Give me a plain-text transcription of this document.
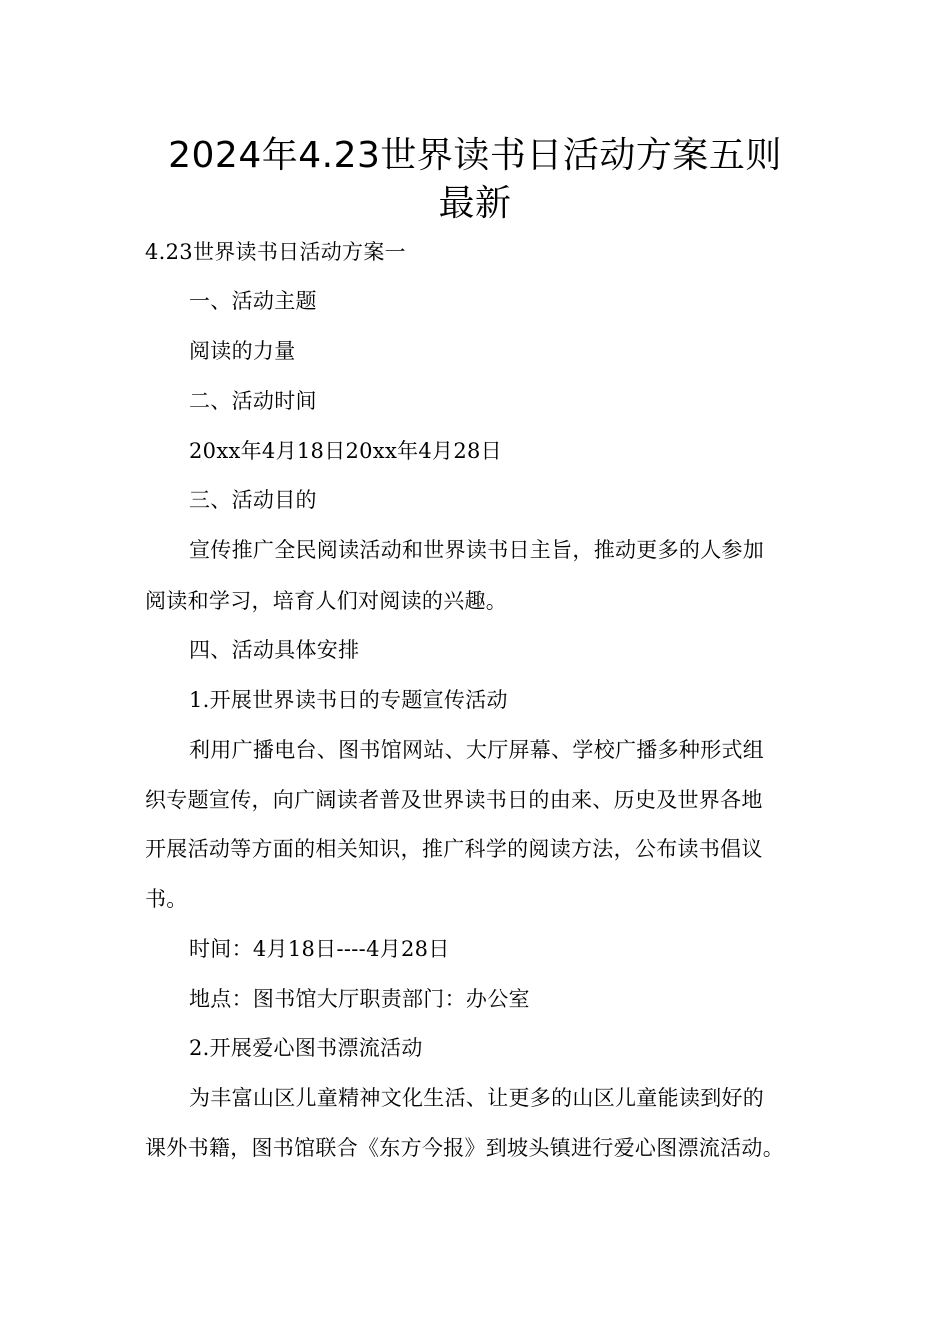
2024年4.23世界读书日活动方案五则
最新

4.23世界读书日活动方案一

一、活动主题

阅读的力量

二、活动时间

20xx年4月18日20xx年4月28日

三、活动目的

宣传推广全民阅读活动和世界读书日主旨，推动更多的人参加

阅读和学习，培育人们对阅读的兴趣。

四、活动具体安排

1.开展世界读书日的专题宣传活动

利用广播电台、图书馆网站、大厅屏幕、学校广播多种形式组

织专题宣传，向广阔读者普及世界读书日的由来、历史及世界各地

开展活动等方面的相关知识，推广科学的阅读方法，公布读书倡议

书。

时间：4月18日----4月28日

地点：图书馆大厅职责部门：办公室

2.开展爱心图书漂流活动

为丰富山区儿童精神文化生活、让更多的山区儿童能读到好的

课外书籍，图书馆联合《东方今报》到坡头镇进行爱心图漂流活动。
